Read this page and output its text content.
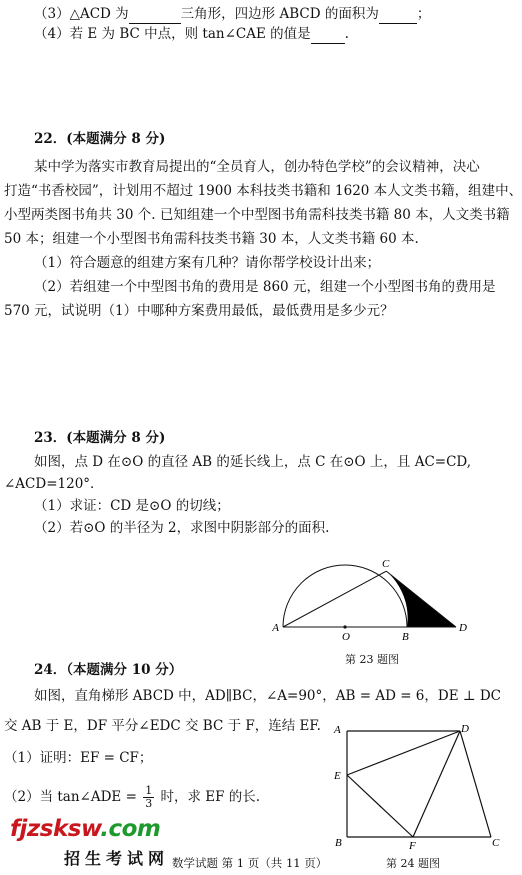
（3）△ACD 为	三角形，四边形 ABCD 的面积为	；
（4）若 E 为 BC 中点，则 tan∠CAE 的值是	.
22．(本题满分 8 分)
某中学为落实市教育局提出的“全员育人，创办特色学校”的会议精神，决心
打造“书香校园”，计划用不超过 1900 本科技类书籍和 1620 本人文类书籍，组建中、
小型两类图书角共 30 个. 已知组建一个中型图书角需科技类书籍 80 本，人文类书籍
50 本；组建一个小型图书角需科技类书籍 30 本，人文类书籍 60 本.
（1）符合题意的组建方案有几种？请你帮学校设计出来；
（2）若组建一个中型图书角的费用是 860 元，组建一个小型图书角的费用是
570 元，试说明（1）中哪种方案费用最低，最低费用是多少元？
23．(本题满分 8 分)
如图，点 D 在⊙O 的直径 AB 的延长线上，点 C 在⊙O 上，且 AC=CD,
∠ACD=120°．
（1）求证：CD 是⊙O 的切线；
（2）若⊙O 的半径为 2，求图中阴影部分的面积.
A
O	B
C
D
第 23 题图
24．（本题满分 10 分）
如图，直角梯形 ABCD 中，AD∥BC，∠A=90°，AB = AD = 6，DE ⊥ DC
交 AB 于 E，DF 平分∠EDC 交 BC 于 F，连结 EF.
（1）证明：EF = CF；
（2）当 tan∠ADE = $\frac{1}{3}$ 时，求 EF 的长.
A	D
E
B	F	C
第 24 题图
fjzsksw.com
招生考试网 数学试题 第 1 页（共 11 页）
